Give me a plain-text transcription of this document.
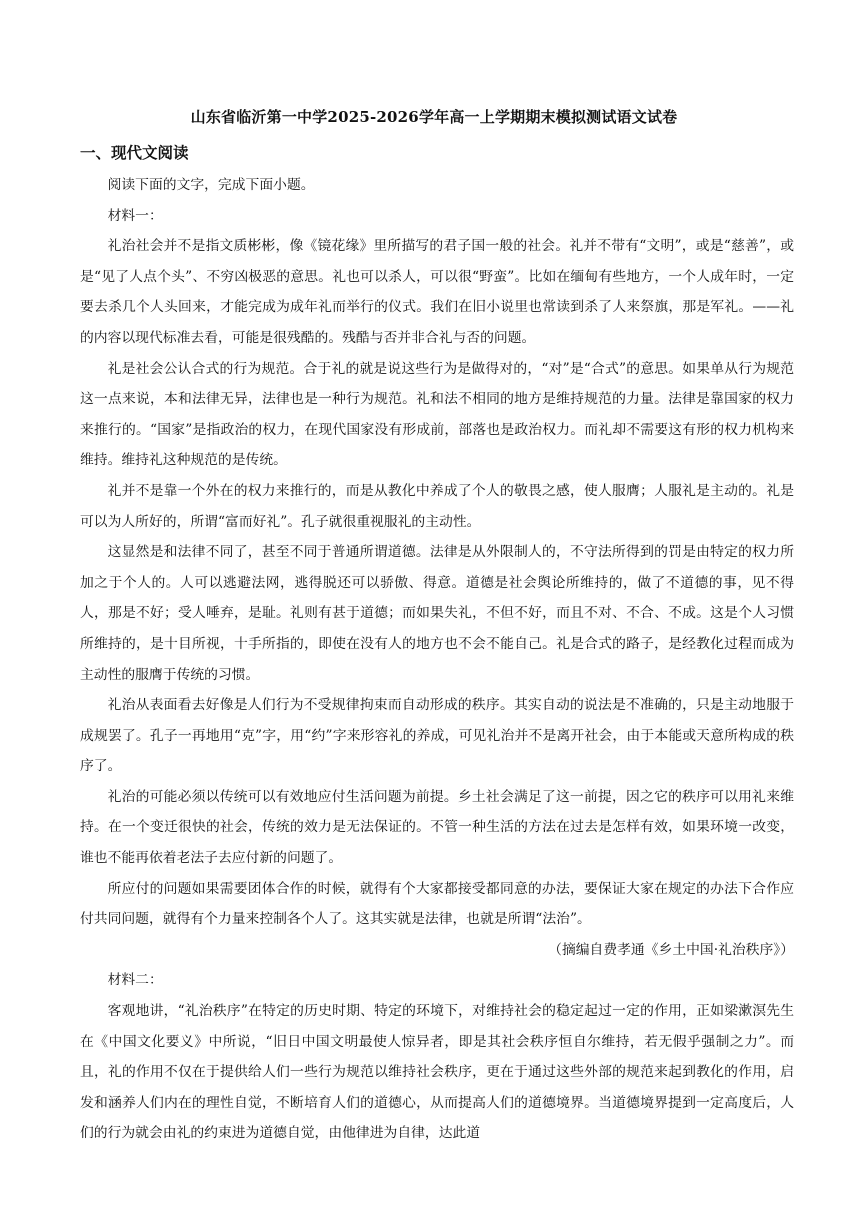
山东省临沂第一中学2025-2026学年高一上学期期末模拟测试语文试卷
一、现代文阅读

阅读下面的文字，完成下面小题。

材料一：

礼治社会并不是指文质彬彬，像《镜花缘》里所描写的君子国一般的社会。礼并不带有“文明”，或是“慈善”，或是“见了人点个头”、不穷凶极恶的意思。礼也可以杀人，可以很“野蛮”。比如在缅甸有些地方，一个人成年时，一定要去杀几个人头回来，才能完成为成年礼而举行的仪式。我们在旧小说里也常读到杀了人来祭旗，那是军礼。——礼的内容以现代标准去看，可能是很残酷的。残酷与否并非合礼与否的问题。

礼是社会公认合式的行为规范。合于礼的就是说这些行为是做得对的，“对”是“合式”的意思。如果单从行为规范这一点来说，本和法律无异，法律也是一种行为规范。礼和法不相同的地方是维持规范的力量。法律是靠国家的权力来推行的。“国家”是指政治的权力，在现代国家没有形成前，部落也是政治权力。而礼却不需要这有形的权力机构来维持。维持礼这种规范的是传统。

礼并不是靠一个外在的权力来推行的，而是从教化中养成了个人的敬畏之感，使人服膺；人服礼是主动的。礼是可以为人所好的，所谓“富而好礼”。孔子就很重视服礼的主动性。

这显然是和法律不同了，甚至不同于普通所谓道德。法律是从外限制人的，不守法所得到的罚是由特定的权力所加之于个人的。人可以逃避法网，逃得脱还可以骄傲、得意。道德是社会舆论所维持的，做了不道德的事，见不得人，那是不好；受人唾弃，是耻。礼则有甚于道德；而如果失礼，不但不好，而且不对、不合、不成。这是个人习惯所维持的，是十目所视，十手所指的，即使在没有人的地方也不会不能自己。礼是合式的路子，是经教化过程而成为主动性的服膺于传统的习惯。

礼治从表面看去好像是人们行为不受规律拘束而自动形成的秩序。其实自动的说法是不准确的，只是主动地服于成规罢了。孔子一再地用“克”字，用“约”字来形容礼的养成，可见礼治并不是离开社会，由于本能或天意所构成的秩序了。

礼治的可能必须以传统可以有效地应付生活问题为前提。乡土社会满足了这一前提，因之它的秩序可以用礼来维持。在一个变迁很快的社会，传统的效力是无法保证的。不管一种生活的方法在过去是怎样有效，如果环境一改变，谁也不能再依着老法子去应付新的问题了。

所应付的问题如果需要团体合作的时候，就得有个大家都接受都同意的办法，要保证大家在规定的办法下合作应付共同问题，就得有个力量来控制各个人了。这其实就是法律，也就是所谓“法治”。

（摘编自费孝通《乡土中国·礼治秩序》）

材料二：

客观地讲，“礼治秩序”在特定的历史时期、特定的环境下，对维持社会的稳定起过一定的作用，正如梁漱溟先生在《中国文化要义》中所说，“旧日中国文明最使人惊异者，即是其社会秩序恒自尔维持，若无假乎强制之力”。而且，礼的作用不仅在于提供给人们一些行为规范以维持社会秩序，更在于通过这些外部的规范来起到教化的作用，启发和涵养人们内在的理性自觉，不断培育人们的道德心，从而提高人们的道德境界。当道德境界提到一定高度后，人们的行为就会由礼的约束进为道德自觉，由他律进为自律，达此道
